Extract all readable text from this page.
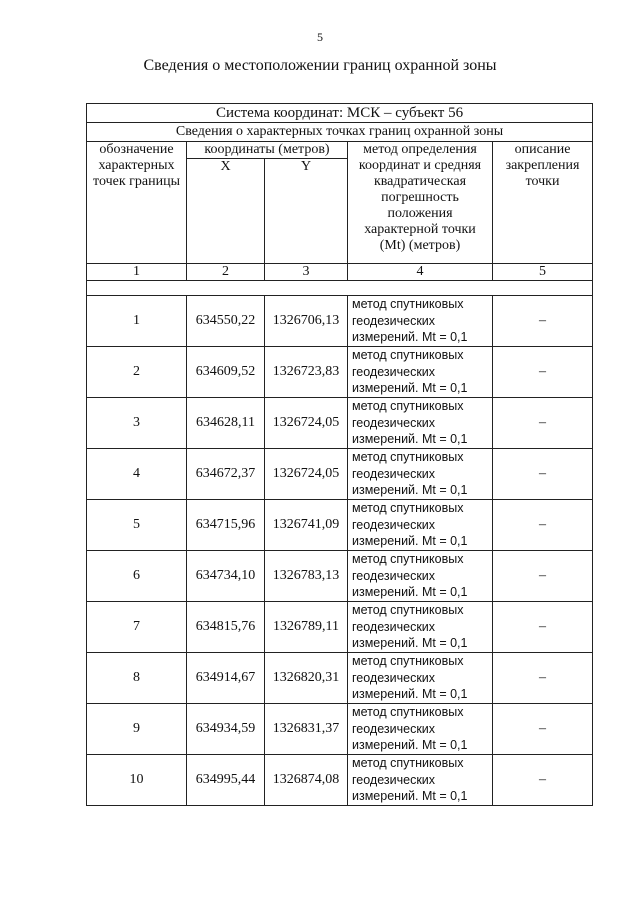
5
Сведения о местоположении границ охранной зоны
Система координат: МСК – субъект 56				
Сведения о характерных точках границ охранной зоны				
обозначение характерных точек границы	координаты (метров)		метод определения координат и средняя квадратическая погрешность положения характерной точки (Mt) (метров)	описание закрепления точки
	X	Y		
1	2	3	4	5

1	634550,22	1326706,13	метод спутниковых геодезических измерений. Mt = 0,1	–
2	634609,52	1326723,83	метод спутниковых геодезических измерений. Mt = 0,1	–
3	634628,11	1326724,05	метод спутниковых геодезических измерений. Mt = 0,1	–
4	634672,37	1326724,05	метод спутниковых геодезических измерений. Mt = 0,1	–
5	634715,96	1326741,09	метод спутниковых геодезических измерений. Mt = 0,1	–
6	634734,10	1326783,13	метод спутниковых геодезических измерений. Mt = 0,1	–
7	634815,76	1326789,11	метод спутниковых геодезических измерений. Mt = 0,1	–
8	634914,67	1326820,31	метод спутниковых геодезических измерений. Mt = 0,1	–
9	634934,59	1326831,37	метод спутниковых геодезических измерений. Mt = 0,1	–
10	634995,44	1326874,08	метод спутниковых геодезических измерений. Mt = 0,1	–
